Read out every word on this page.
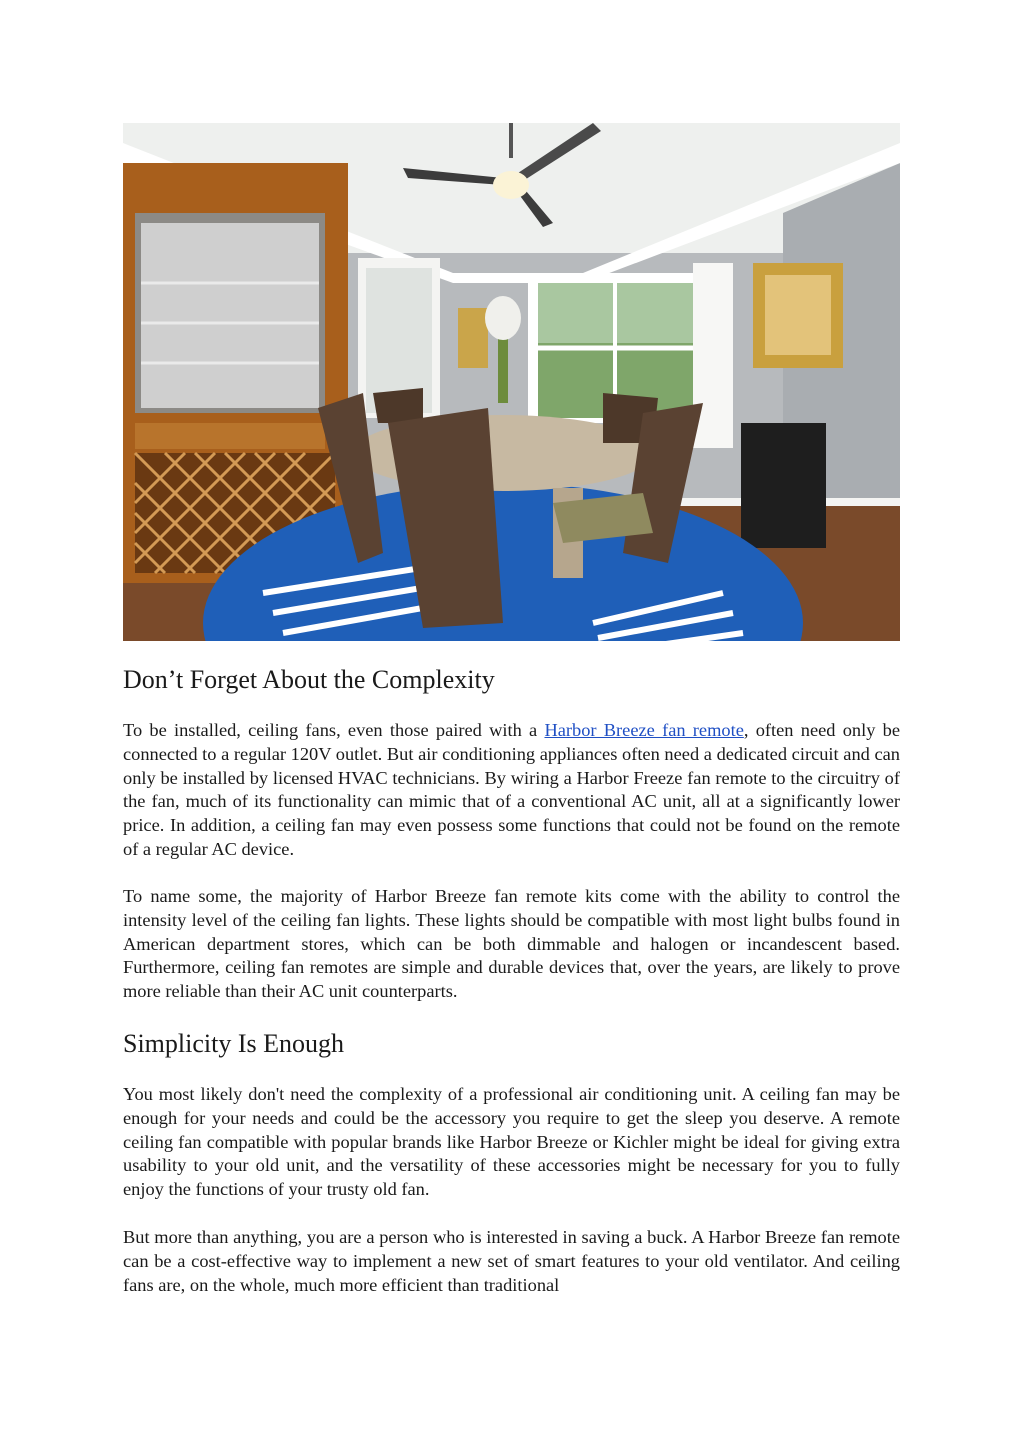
Don’t Forget About the Complexity

To be installed, ceiling fans, even those paired with a Harbor Breeze fan remote, often need only be connected to a regular 120V outlet. But air conditioning appliances often need a dedicated circuit and can only be installed by licensed HVAC technicians. By wiring a Harbor Freeze fan remote to the circuitry of the fan, much of its functionality can mimic that of a conventional AC unit, all at a significantly lower price. In addition, a ceiling fan may even possess some functions that could not be found on the remote of a regular AC device.

To name some, the majority of Harbor Breeze fan remote kits come with the ability to control the intensity level of the ceiling fan lights. These lights should be compatible with most light bulbs found in American department stores, which can be both dimmable and halogen or incandescent based. Furthermore, ceiling fan remotes are simple and durable devices that, over the years, are likely to prove more reliable than their AC unit counterparts.

Simplicity Is Enough

You most likely don't need the complexity of a professional air conditioning unit. A ceiling fan may be enough for your needs and could be the accessory you require to get the sleep you deserve. A remote ceiling fan compatible with popular brands like Harbor Breeze or Kichler might be ideal for giving extra usability to your old unit, and the versatility of these accessories might be necessary for you to fully enjoy the functions of your trusty old fan.

But more than anything, you are a person who is interested in saving a buck. A Harbor Breeze fan remote can be a cost-effective way to implement a new set of smart features to your old ventilator. And ceiling fans are, on the whole, much more efficient than traditional
